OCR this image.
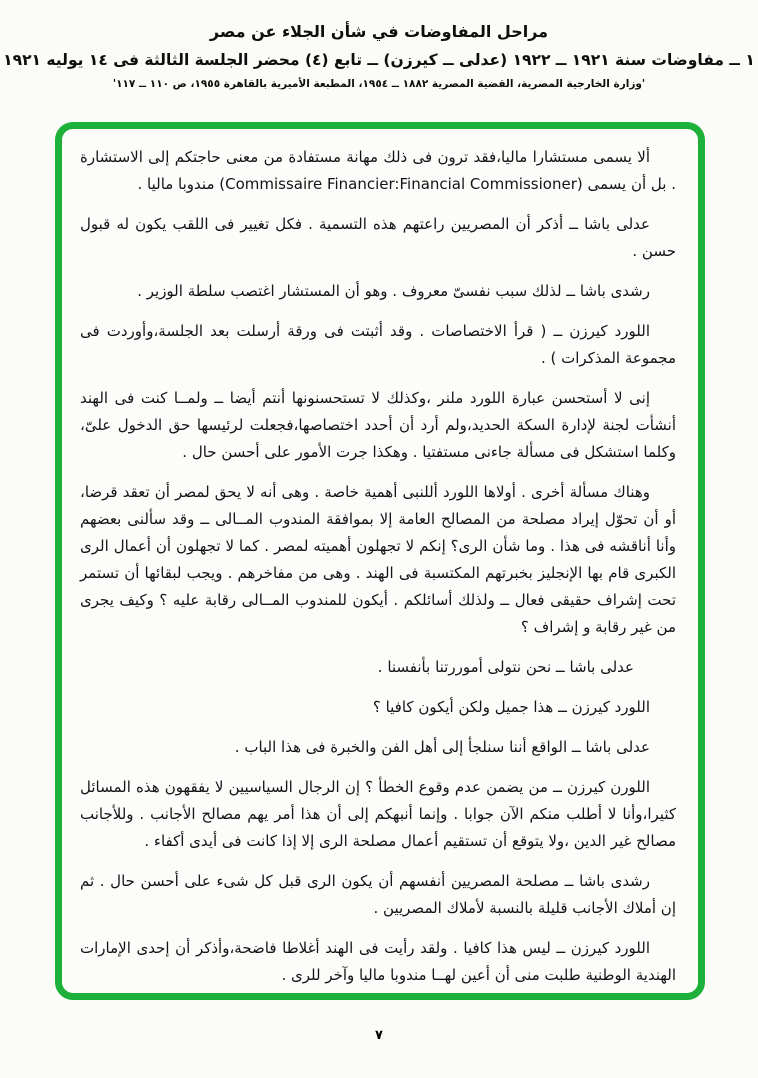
مراحل المفاوضات في شأن الجلاء عن مصر
١ ــ مفاوضات سنة ١٩٢١ ــ ١٩٢٢ (عدلى ــ كيرزن) ــ تابع (٤) محضر الجلسة الثالثة فى ١٤ يوليه ١٩٢١
'وزارة الخارجية المصرية، القضية المصرية ١٨٨٢ ــ ١٩٥٤، المطبعة الأميرية بالقاهرة ١٩٥٥، ص ١١٠ ــ ١١٧'

ألا يسمى مستشارا ماليا،فقد ترون فى ذلك مهانة مستفادة من معنى حاجتكم إلى الاستشارة . بل أن يسمى (Commissaire Financier:Financial Commissioner) مندوبا ماليا .

عدلى باشا ــ أذكر أن المصريين راعتهم هذه التسمية . فكل تغيير فى اللقب يكون له قبول حسن .

رشدى باشا ــ لذلك سبب نفسىّ معروف . وهو أن المستشار اغتصب سلطة الوزير .

اللورد كيرزن ــ ( قرأ الاختصاصات . وقد أثبتت فى ورقة أرسلت بعد الجلسة،وأوردت فى مجموعة المذكرات ) .

إنى لا أستحسن عبارة اللورد ملنر ،وكذلك لا تستحسنونها أنتم أيضا ــ ولمــا كنت فى الهند أنشأت لجنة لإدارة السكة الحديد،ولم أرد أن أحدد اختصاصها،فجعلت لرئيسها حق الدخول علىّ، وكلما استشكل فى مسألة جاءنى مستفتيا . وهكذا جرت الأمور على أحسن حال .

وهناك مسألة أخرى . أولاها اللورد أللنبى أهمية خاصة . وهى أنه لا يحق لمصر أن تعقد قرضا، أو أن تحوّل إيراد مصلحة من المصالح العامة إلا بموافقة المندوب المــالى ــ وقد سألنى بعضهم وأنا أناقشه فى هذا . وما شأن الرى؟ إنكم لا تجهلون أهميته لمصر . كما لا تجهلون أن أعمال الرى الكبرى قام بها الإنجليز بخبرتهم المكتسبة فى الهند . وهى من مفاخرهم . ويجب لبقائها أن تستمر تحت إشراف حقيقى فعال ــ ولذلك أسائلكم . أيكون للمندوب المــالى رقابة عليه ؟ وكيف يجرى من غير رقابة و إشراف ؟

عدلى باشا ــ نحن نتولى أموررتنا بأنفسنا .

اللورد كيرزن ــ هذا جميل ولكن أيكون كافيا ؟

عدلى باشا ــ الواقع أننا سنلجأ إلى أهل الفن والخبرة فى هذا الباب .

اللورن كيرزن ــ من يضمن عدم وقوع الخطأ ؟ إن الرجال السياسيين لا يفقهون هذه المسائل كثيرا،وأنا لا أطلب منكم الآن جوابا . وإنما أنبهكم إلى أن هذا أمر يهم مصالح الأجانب . وللأجانب مصالح غير الدين ،ولا يتوقع أن تستقيم أعمال مصلحة الرى إلا إذا كانت فى أيدى أكفاء .

رشدى باشا ــ مصلحة المصريين أنفسهم أن يكون الرى قبل كل شىء على أحسن حال . ثم إن أملاك الأجانب قليلة بالنسبة لأملاك المصريين .

اللورد كيرزن ــ ليس هذا كافيا . ولقد رأيت فى الهند أغلاطا فاضحة،وأذكر أن إحدى الإمارات الهندية الوطنية طلبت منى أن أعين لهــا مندوبا ماليا وآخر للرى .

٧
